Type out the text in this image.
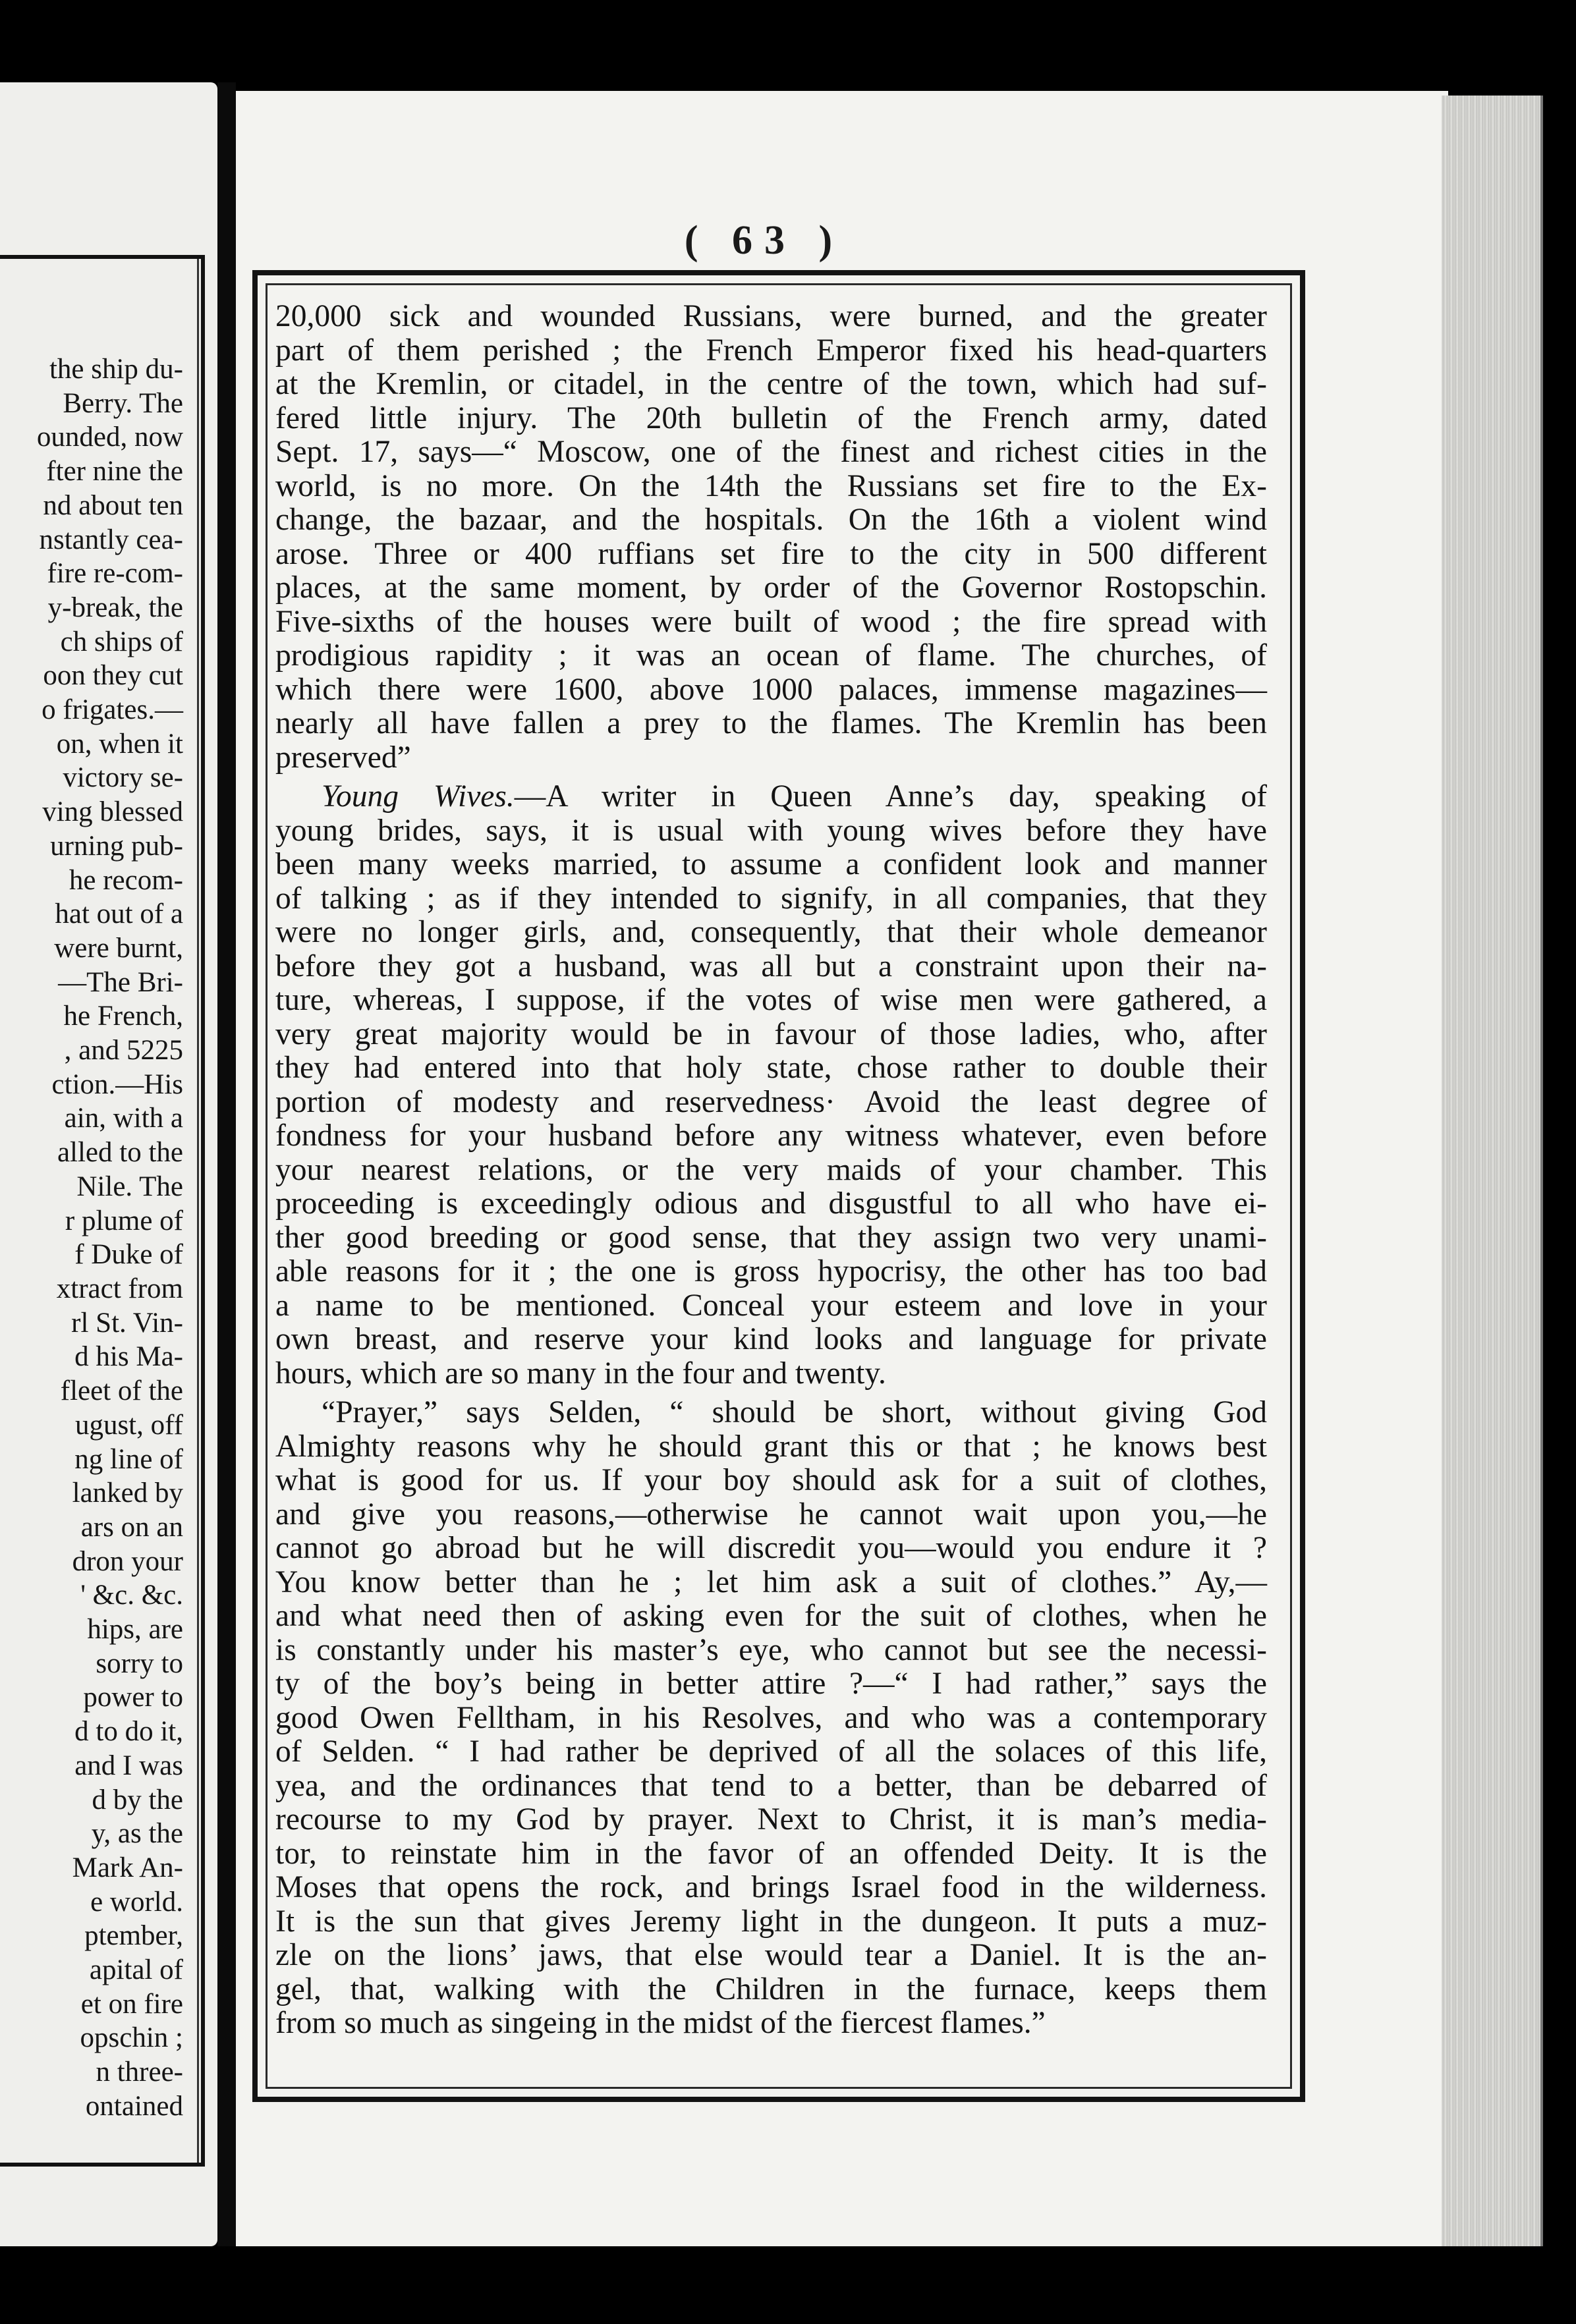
the ship du-
Berry. The
ounded, now
fter nine the
nd about ten
nstantly cea-
fire re-com-
y-break, the
ch ships of
oon they cut
o frigates.—
on, when it
victory se-
ving blessed
urning pub-
he recom-
hat out of a
were burnt,
—The Bri-
he French,
, and 5225
ction.—His
ain, with a
alled to the
Nile. The
r plume of
f Duke of
xtract from
rl St. Vin-
d his Ma-
fleet of the
ugust, off
ng line of
lanked by
ars on an
dron your
' &c. &c.
hips, are
sorry to
power to
d to do it,
and I was
d by the
y, as the
Mark An-
e world.
ptember,
apital of
et on fire
opschin ;
n three-
ontained
( 63 )
20,000 sick and wounded Russians, were burned, and the greater
part of them perished ; the French Emperor fixed his head-quarters
at the Kremlin, or citadel, in the centre of the town, which had suf-
fered little injury. The 20th bulletin of the French army, dated
Sept. 17, says—“ Moscow, one of the finest and richest cities in the
world, is no more. On the 14th the Russians set fire to the Ex-
change, the bazaar, and the hospitals. On the 16th a violent wind
arose. Three or 400 ruffians set fire to the city in 500 different
places, at the same moment, by order of the Governor Rostopschin.
Five-sixths of the houses were built of wood ; the fire spread with
prodigious rapidity ; it was an ocean of flame. The churches, of
which there were 1600, above 1000 palaces, immense magazines—
nearly all have fallen a prey to the flames. The Kremlin has been
preserved”
Young Wives.—A writer in Queen Anne’s day, speaking of
young brides, says, it is usual with young wives before they have
been many weeks married, to assume a confident look and manner
of talking ; as if they intended to signify, in all companies, that they
were no longer girls, and, consequently, that their whole demeanor
before they got a husband, was all but a constraint upon their na-
ture, whereas, I suppose, if the votes of wise men were gathered, a
very great majority would be in favour of those ladies, who, after
they had entered into that holy state, chose rather to double their
portion of modesty and reservedness· Avoid the least degree of
fondness for your husband before any witness whatever, even before
your nearest relations, or the very maids of your chamber. This
proceeding is exceedingly odious and disgustful to all who have ei-
ther good breeding or good sense, that they assign two very unami-
able reasons for it ; the one is gross hypocrisy, the other has too bad
a name to be mentioned. Conceal your esteem and love in your
own breast, and reserve your kind looks and language for private
hours, which are so many in the four and twenty.
“Prayer,” says Selden, “ should be short, without giving God
Almighty reasons why he should grant this or that ; he knows best
what is good for us. If your boy should ask for a suit of clothes,
and give you reasons,—otherwise he cannot wait upon you,—he
cannot go abroad but he will discredit you—would you endure it ?
You know better than he ; let him ask a suit of clothes.” Ay,—
and what need then of asking even for the suit of clothes, when he
is constantly under his master’s eye, who cannot but see the necessi-
ty of the boy’s being in better attire ?—“ I had rather,” says the
good Owen Felltham, in his Resolves, and who was a contemporary
of Selden. “ I had rather be deprived of all the solaces of this life,
yea, and the ordinances that tend to a better, than be debarred of
recourse to my God by prayer. Next to Christ, it is man’s media-
tor, to reinstate him in the favor of an offended Deity. It is the
Moses that opens the rock, and brings Israel food in the wilderness.
It is the sun that gives Jeremy light in the dungeon. It puts a muz-
zle on the lions’ jaws, that else would tear a Daniel. It is the an-
gel, that, walking with the Children in the furnace, keeps them
from so much as singeing in the midst of the fiercest flames.”
